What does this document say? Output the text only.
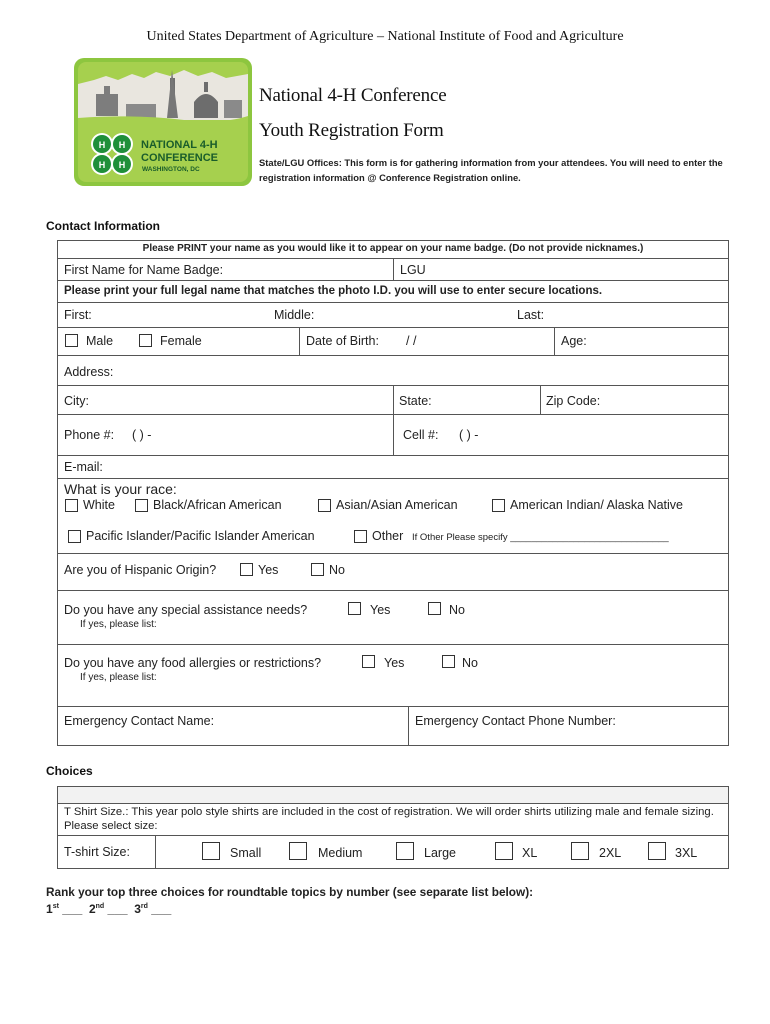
United States Department of Agriculture – National Institute of Food and Agriculture
H H
H H
NATIONAL 4-H
CONFERENCE
WASHINGTON, DC
National 4-H Conference
Youth Registration Form
State/LGU Offices: This form is for gathering information from your attendees. You will need to enter the registration information @ Conference Registration online.
Contact Information
Please PRINT your name as you would like it to appear on your name badge. (Do not provide nicknames.)
First Name for Name Badge:	LGU
Please print your full legal name that matches the photo I.D. you will use to enter secure locations.
First:	Middle:	Last:
Male	Female	Date of Birth: / /	Age:
Address:
City:	State:	Zip Code:
Phone #: ( ) -	Cell #: ( ) -
E-mail:
What is your race:
White	Black/African American	Asian/Asian American	American Indian/ Alaska Native
Pacific Islander/Pacific Islander American	Other If Other Please specify ______________________________
Are you of Hispanic Origin?	Yes	No
Do you have any special assistance needs?	Yes	No
If yes, please list:
Do you have any food allergies or restrictions?	Yes	No
If yes, please list:
Emergency Contact Name:	Emergency Contact Phone Number:
Choices
T Shirt Size.: This year polo style shirts are included in the cost of registration. We will order shirts utilizing male and female sizing. Please select size:
T-shirt Size:	Small	Medium	Large	XL	2XL	3XL
Rank your top three choices for roundtable topics by number (see separate list below):
1st ___  2nd ___  3rd ___
